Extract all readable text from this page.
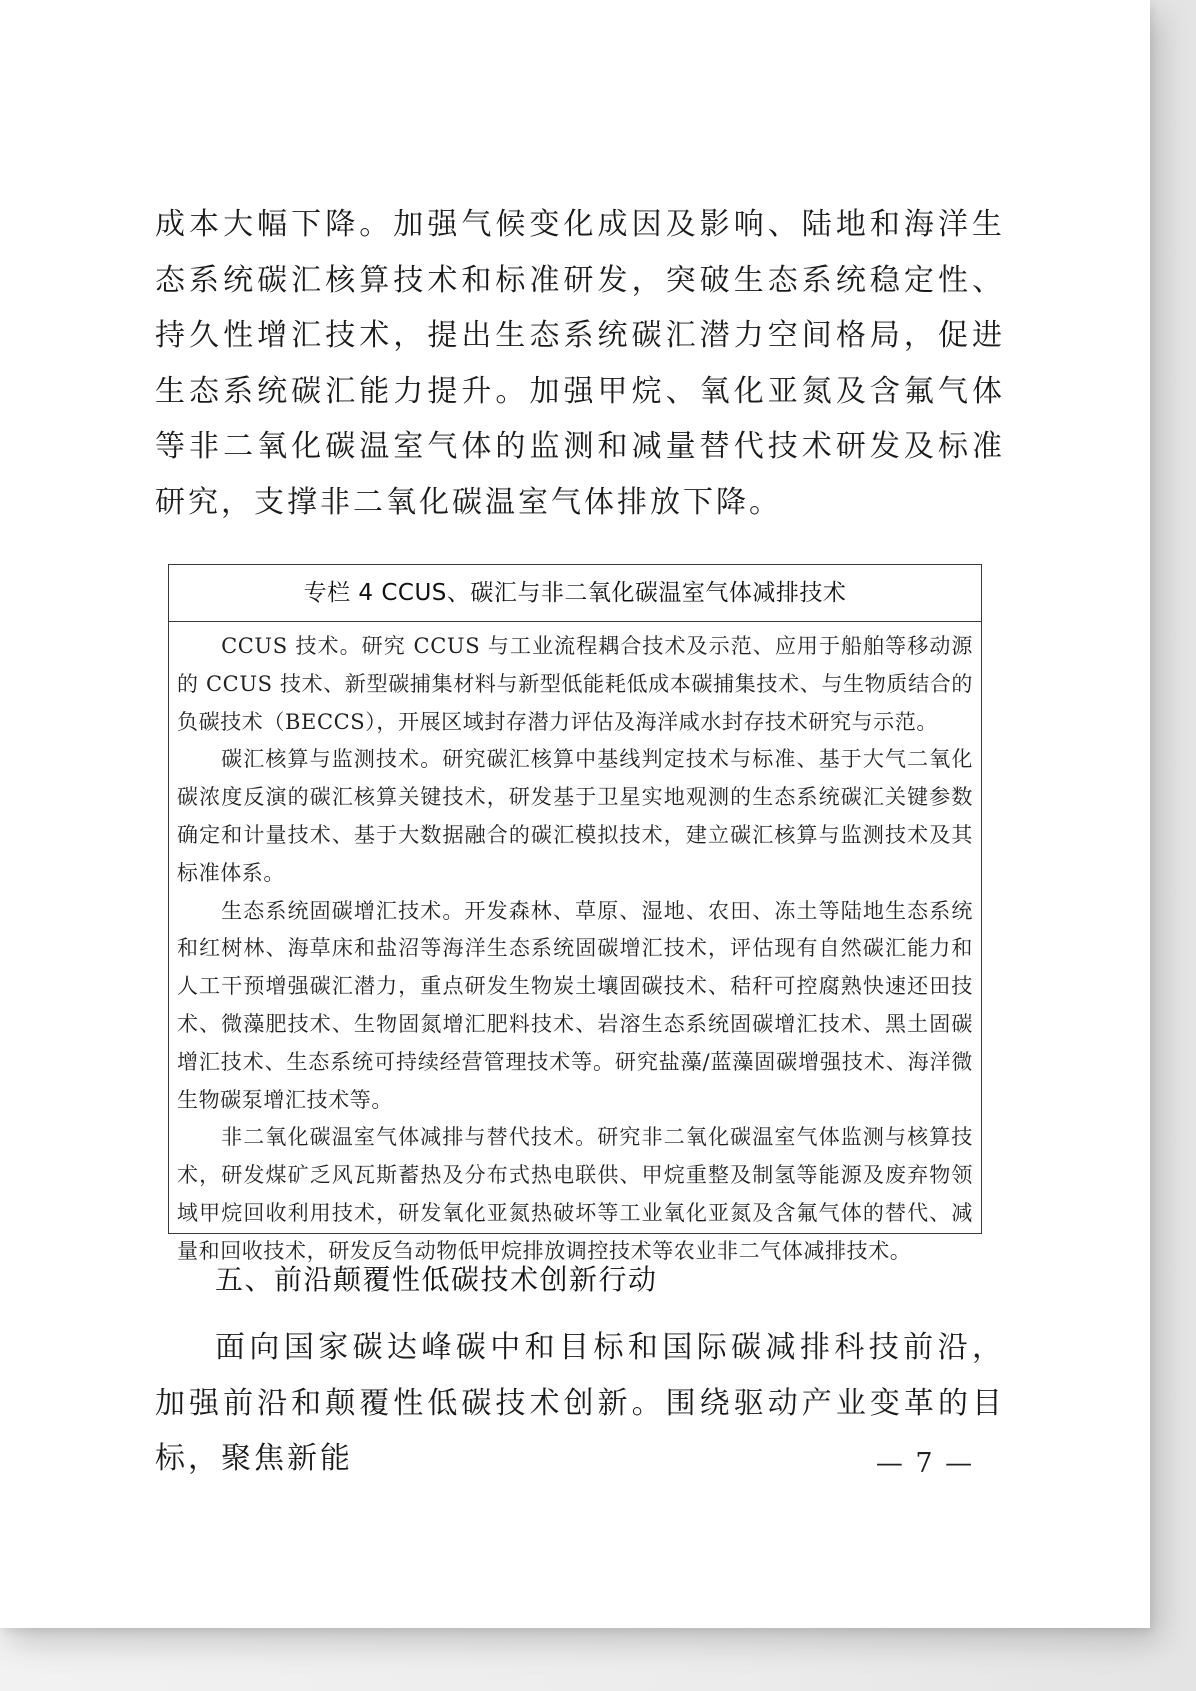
成本大幅下降。加强气候变化成因及影响、陆地和海洋生态系统碳汇核算技术和标准研发，突破生态系统稳定性、持久性增汇技术，提出生态系统碳汇潜力空间格局，促进生态系统碳汇能力提升。加强甲烷、氧化亚氮及含氟气体等非二氧化碳温室气体的监测和减量替代技术研发及标准研究，支撑非二氧化碳温室气体排放下降。

专栏 4 CCUS、碳汇与非二氧化碳温室气体减排技术

CCUS 技术。研究 CCUS 与工业流程耦合技术及示范、应用于船舶等移动源的 CCUS 技术、新型碳捕集材料与新型低能耗低成本碳捕集技术、与生物质结合的负碳技术（BECCS），开展区域封存潜力评估及海洋咸水封存技术研究与示范。

碳汇核算与监测技术。研究碳汇核算中基线判定技术与标准、基于大气二氧化碳浓度反演的碳汇核算关键技术，研发基于卫星实地观测的生态系统碳汇关键参数确定和计量技术、基于大数据融合的碳汇模拟技术，建立碳汇核算与监测技术及其标准体系。

生态系统固碳增汇技术。开发森林、草原、湿地、农田、冻土等陆地生态系统和红树林、海草床和盐沼等海洋生态系统固碳增汇技术，评估现有自然碳汇能力和人工干预增强碳汇潜力，重点研发生物炭土壤固碳技术、秸秆可控腐熟快速还田技术、微藻肥技术、生物固氮增汇肥料技术、岩溶生态系统固碳增汇技术、黑土固碳增汇技术、生态系统可持续经营管理技术等。研究盐藻/蓝藻固碳增强技术、海洋微生物碳泵增汇技术等。

非二氧化碳温室气体减排与替代技术。研究非二氧化碳温室气体监测与核算技术，研发煤矿乏风瓦斯蓄热及分布式热电联供、甲烷重整及制氢等能源及废弃物领域甲烷回收利用技术，研发氧化亚氮热破坏等工业氧化亚氮及含氟气体的替代、减量和回收技术，研发反刍动物低甲烷排放调控技术等农业非二气体减排技术。

五、前沿颠覆性低碳技术创新行动

面向国家碳达峰碳中和目标和国际碳减排科技前沿，加强前沿和颠覆性低碳技术创新。围绕驱动产业变革的目标，聚焦新能	— 7 —
